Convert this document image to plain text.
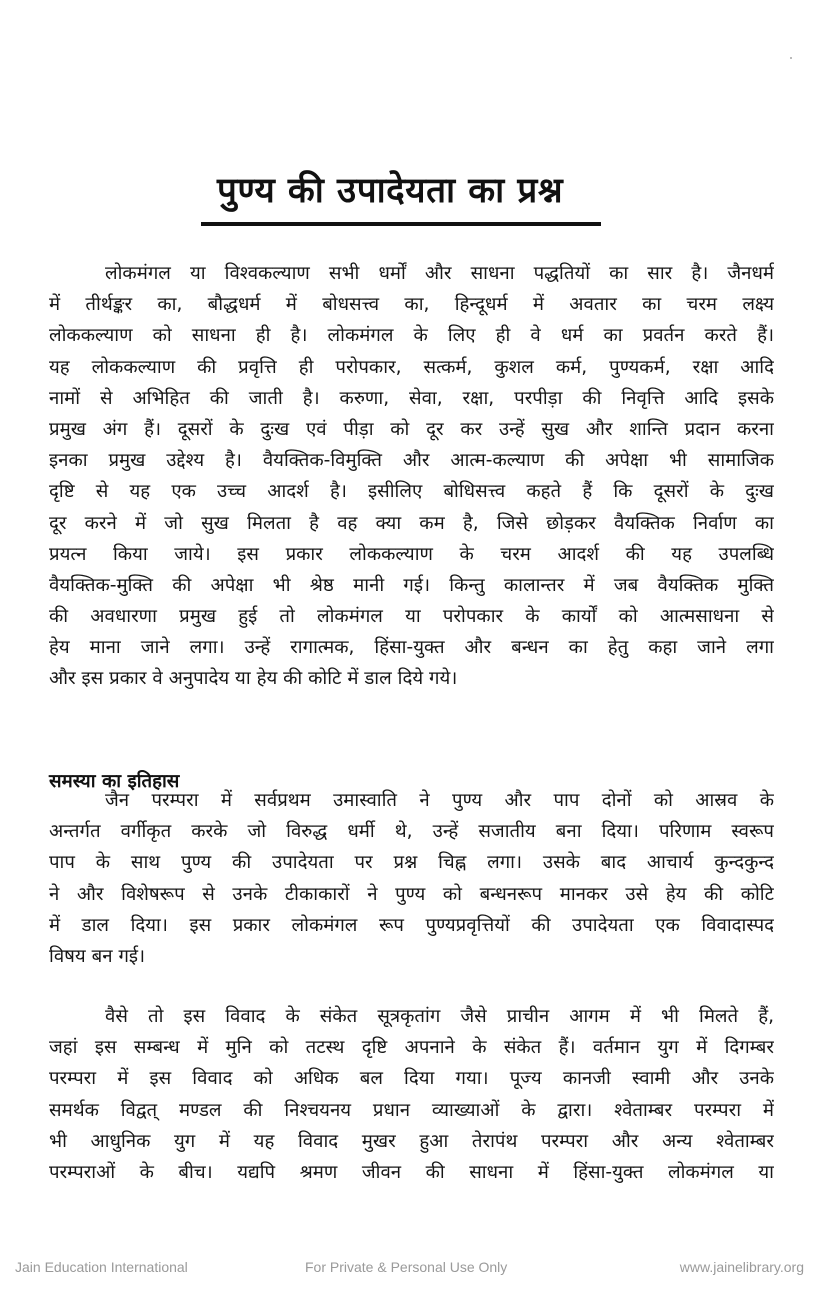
पुण्य की उपादेयता का प्रश्न
लोकमंगल या विश्वकल्याण सभी धर्मों और साधना पद्धतियों का सार है। जैनधर्म
में तीर्थङ्कर का, बौद्धधर्म में बोधसत्त्व का, हिन्दूधर्म में अवतार का चरम लक्ष्य
लोककल्याण को साधना ही है। लोकमंगल के लिए ही वे धर्म का प्रवर्तन करते हैं।
यह लोककल्याण की प्रवृत्ति ही परोपकार, सत्कर्म, कुशल कर्म, पुण्यकर्म, रक्षा आदि
नामों से अभिहित की जाती है। करुणा, सेवा, रक्षा, परपीड़ा की निवृत्ति आदि इसके
प्रमुख अंग हैं। दूसरों के दुःख एवं पीड़ा को दूर कर उन्हें सुख और शान्ति प्रदान करना
इनका प्रमुख उद्देश्य है। वैयक्तिक-विमुक्ति और आत्म-कल्याण की अपेक्षा भी सामाजिक
दृष्टि से यह एक उच्च आदर्श है। इसीलिए बोधिसत्त्व कहते हैं कि दूसरों के दुःख
दूर करने में जो सुख मिलता है वह क्या कम है, जिसे छोड़कर वैयक्तिक निर्वाण का
प्रयत्न किया जाये। इस प्रकार लोककल्याण के चरम आदर्श की यह उपलब्धि
वैयक्तिक-मुक्ति की अपेक्षा भी श्रेष्ठ मानी गई। किन्तु कालान्तर में जब वैयक्तिक मुक्ति
की अवधारणा प्रमुख हुई तो लोकमंगल या परोपकार के कार्यों को आत्मसाधना से
हेय माना जाने लगा। उन्हें रागात्मक, हिंसा-युक्त और बन्धन का हेतु कहा जाने लगा
और इस प्रकार वे अनुपादेय या हेय की कोटि में डाल दिये गये।
समस्या का इतिहास
जैन परम्परा में सर्वप्रथम उमास्वाति ने पुण्य और पाप दोनों को आस्रव के
अन्तर्गत वर्गीकृत करके जो विरुद्ध धर्मी थे, उन्हें सजातीय बना दिया। परिणाम स्वरूप
पाप के साथ पुण्य की उपादेयता पर प्रश्न चिह्न लगा। उसके बाद आचार्य कुन्दकुन्द
ने और विशेषरूप से उनके टीकाकारों ने पुण्य को बन्धनरूप मानकर उसे हेय की कोटि
में डाल दिया। इस प्रकार लोकमंगल रूप पुण्यप्रवृत्तियों की उपादेयता एक विवादास्पद
विषय बन गई।
वैसे तो इस विवाद के संकेत सूत्रकृतांग जैसे प्राचीन आगम में भी मिलते हैं,
जहां इस सम्बन्ध में मुनि को तटस्थ दृष्टि अपनाने के संकेत हैं। वर्तमान युग में दिगम्बर
परम्परा में इस विवाद को अधिक बल दिया गया। पूज्य कानजी स्वामी और उनके
समर्थक विद्वत् मण्डल की निश्चयनय प्रधान व्याख्याओं के द्वारा। श्वेताम्बर परम्परा में
भी आधुनिक युग में यह विवाद मुखर हुआ तेरापंथ परम्परा और अन्य श्वेताम्बर
परम्पराओं के बीच। यद्यपि श्रमण जीवन की साधना में हिंसा-युक्त लोकमंगल या
Jain Education International	For Private & Personal Use Only	www.jainelibrary.org
